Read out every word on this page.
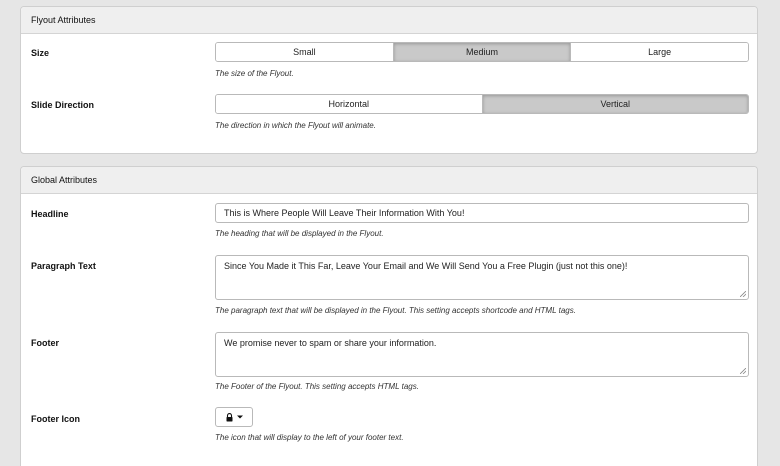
Flyout Attributes
Size	Small	Medium	Large
The size of the Flyout.
Slide Direction	Horizontal	Vertical
The direction in which the Flyout will animate.
Global Attributes
Headline	This is Where People Will Leave Their Information With You!
The heading that will be displayed in the Flyout.
Paragraph Text	Since You Made it This Far, Leave Your Email and We Will Send You a Free Plugin (just not this one)!
The paragraph text that will be displayed in the Flyout. This setting accepts shortcode and HTML tags.
Footer	We promise never to spam or share your information.
The Footer of the Flyout. This setting accepts HTML tags.
Footer Icon
The icon that will display to the left of your footer text.
